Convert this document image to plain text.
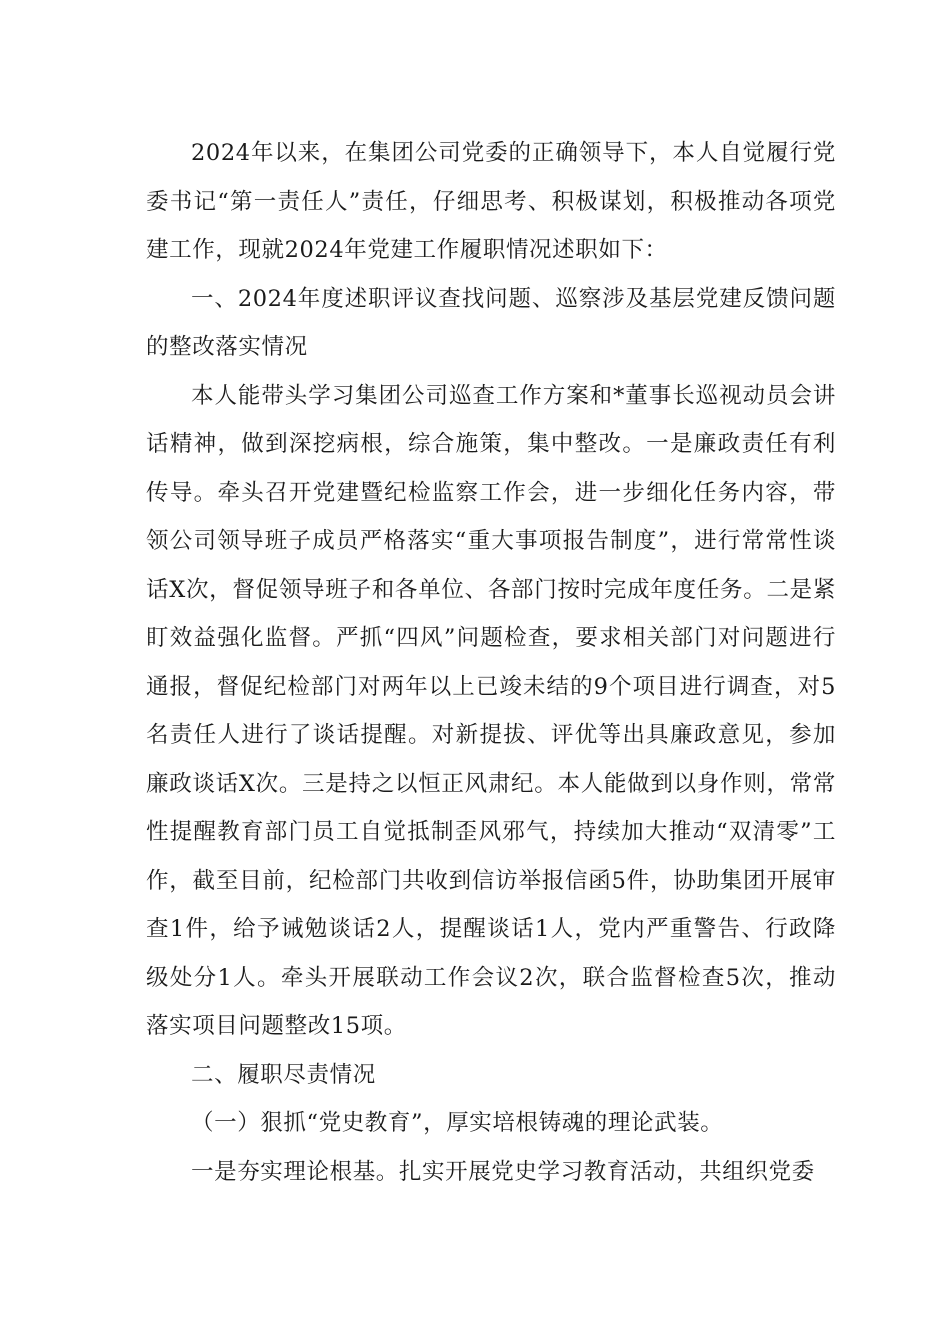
2024年以来，在集团公司党委的正确领导下，本人自觉履行党委书记“第一责任人”责任，仔细思考、积极谋划，积极推动各项党建工作，现就2024年党建工作履职情况述职如下：

一、2024年度述职评议查找问题、巡察涉及基层党建反馈问题的整改落实情况

本人能带头学习集团公司巡查工作方案和*董事长巡视动员会讲话精神，做到深挖病根，综合施策，集中整改。一是廉政责任有利传导。牵头召开党建暨纪检监察工作会，进一步细化任务内容，带领公司领导班子成员严格落实“重大事项报告制度”，进行常常性谈话X次，督促领导班子和各单位、各部门按时完成年度任务。二是紧盯效益强化监督。严抓“四风”问题检查，要求相关部门对问题进行通报，督促纪检部门对两年以上已竣未结的9个项目进行调查，对5名责任人进行了谈话提醒。对新提拔、评优等出具廉政意见，参加廉政谈话X次。三是持之以恒正风肃纪。本人能做到以身作则，常常性提醒教育部门员工自觉抵制歪风邪气，持续加大推动“双清零”工作，截至目前，纪检部门共收到信访举报信函5件，协助集团开展审查1件，给予诫勉谈话2人，提醒谈话1人，党内严重警告、行政降级处分1人。牵头开展联动工作会议2次，联合监督检查5次，推动落实项目问题整改15项。

二、履职尽责情况

（一）狠抓“党史教育”，厚实培根铸魂的理论武装。

一是夯实理论根基。扎实开展党史学习教育活动，共组织党委
